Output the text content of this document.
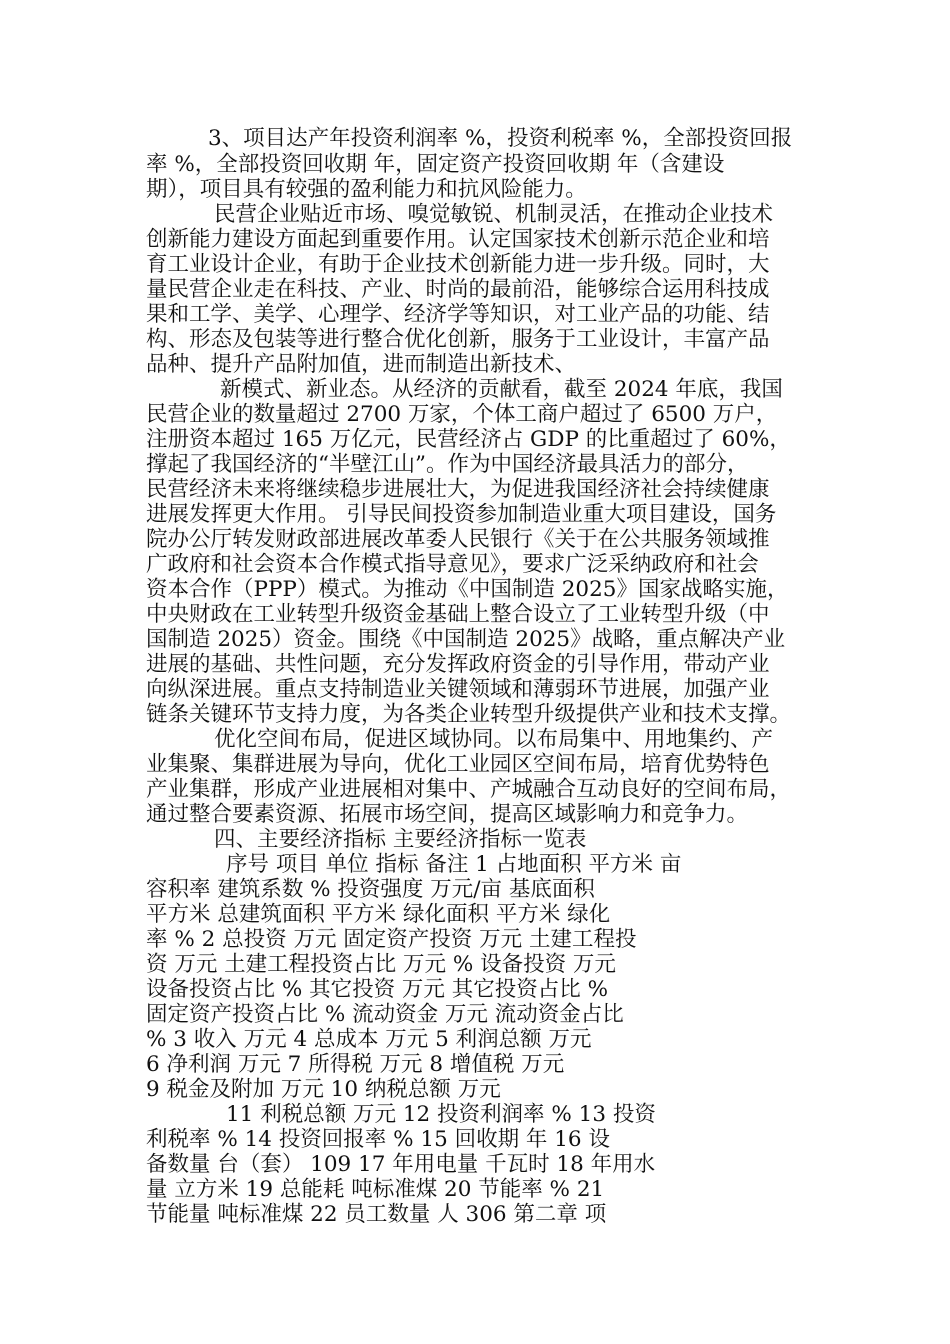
3、项目达产年投资利润率 %，投资利税率 %，全部投资回报
率 %，全部投资回收期 年，固定资产投资回收期 年（含建设
期），项目具有较强的盈利能力和抗风险能力。
民营企业贴近市场、嗅觉敏锐、机制灵活，在推动企业技术
创新能力建设方面起到重要作用。认定国家技术创新示范企业和培
育工业设计企业，有助于企业技术创新能力进一步升级。同时，大
量民营企业走在科技、产业、时尚的最前沿，能够综合运用科技成
果和工学、美学、心理学、经济学等知识，对工业产品的功能、结
构、形态及包装等进行整合优化创新，服务于工业设计，丰富产品
品种、提升产品附加值，进而制造出新技术、
新模式、新业态。从经济的贡献看，截至 2024 年底，我国
民营企业的数量超过 2700 万家，个体工商户超过了 6500 万户，
注册资本超过 165 万亿元，民营经济占 GDP 的比重超过了 60%，
撑起了我国经济的“半壁江山”。作为中国经济最具活力的部分，
民营经济未来将继续稳步进展壮大，为促进我国经济社会持续健康
进展发挥更大作用。 引导民间投资参加制造业重大项目建设，国务
院办公厅转发财政部进展改革委人民银行《关于在公共服务领域推
广政府和社会资本合作模式指导意见》，要求广泛采纳政府和社会
资本合作（PPP）模式。为推动《中国制造 2025》国家战略实施，
中央财政在工业转型升级资金基础上整合设立了工业转型升级（中
国制造 2025）资金。围绕《中国制造 2025》战略，重点解决产业
进展的基础、共性问题，充分发挥政府资金的引导作用，带动产业
向纵深进展。重点支持制造业关键领域和薄弱环节进展，加强产业
链条关键环节支持力度，为各类企业转型升级提供产业和技术支撑。
优化空间布局，促进区域协同。以布局集中、用地集约、产
业集聚、集群进展为导向，优化工业园区空间布局，培育优势特色
产业集群，形成产业进展相对集中、产城融合互动良好的空间布局，
通过整合要素资源、拓展市场空间，提高区域影响力和竞争力。
四、主要经济指标 主要经济指标一览表
序号 项目 单位 指标 备注 1 占地面积 平方米 亩
容积率 建筑系数 % 投资强度 万元/亩 基底面积
平方米 总建筑面积 平方米 绿化面积 平方米 绿化
率 % 2 总投资 万元 固定资产投资 万元 土建工程投
资 万元 土建工程投资占比 万元 % 设备投资 万元
设备投资占比 % 其它投资 万元 其它投资占比 %
固定资产投资占比 % 流动资金 万元 流动资金占比
% 3 收入 万元 4 总成本 万元 5 利润总额 万元
6 净利润 万元 7 所得税 万元 8 增值税 万元
9 税金及附加 万元 10 纳税总额 万元
11 利税总额 万元 12 投资利润率 % 13 投资
利税率 % 14 投资回报率 % 15 回收期 年 16 设
备数量 台（套） 109 17 年用电量 千瓦时 18 年用水
量 立方米 19 总能耗 吨标准煤 20 节能率 % 21
节能量 吨标准煤 22 员工数量 人 306 第二章 项
